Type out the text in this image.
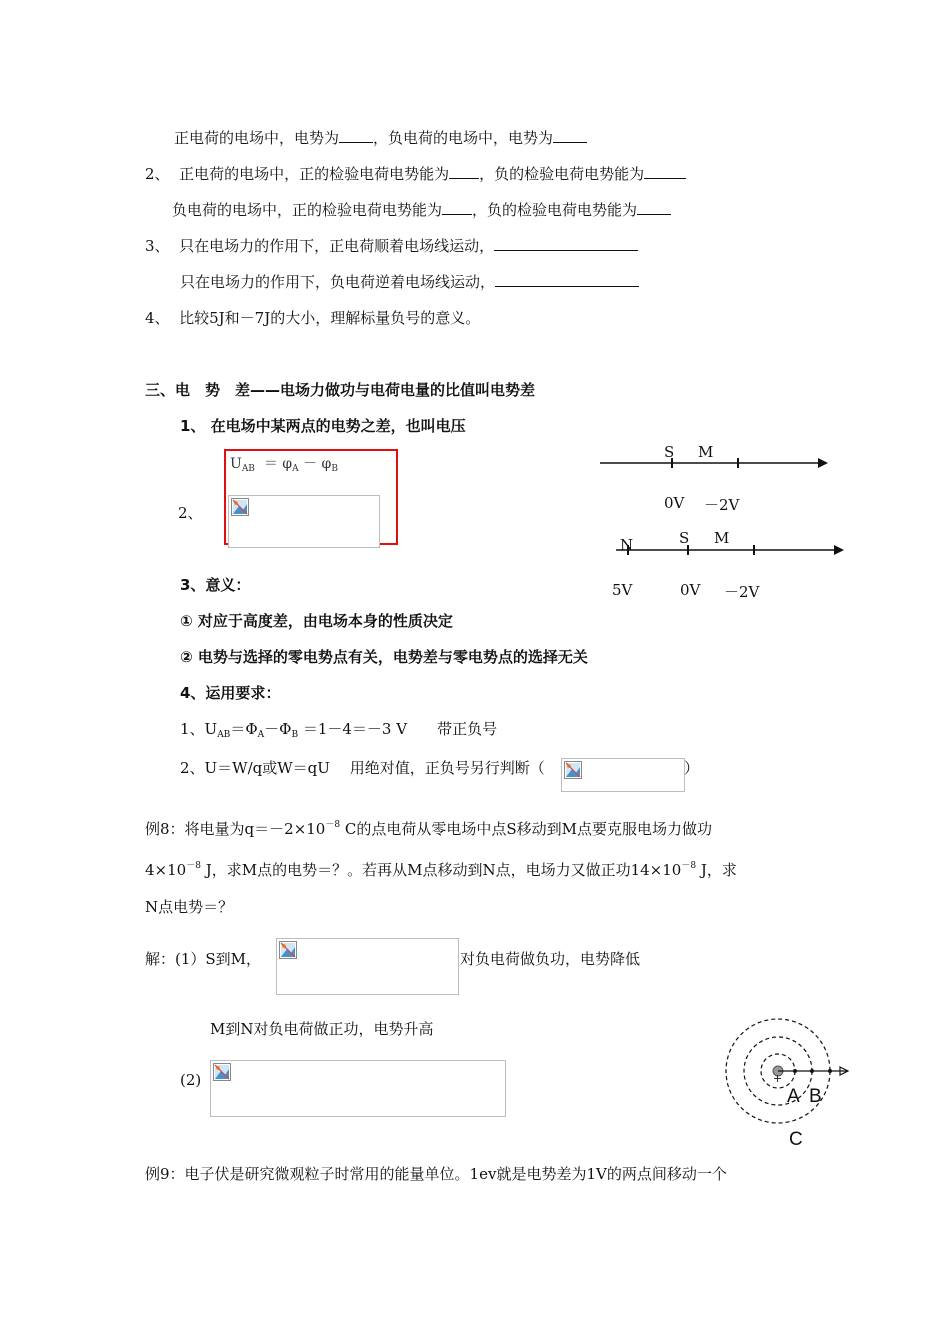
正电荷的电场中，电势为 ，负电荷的电场中，电势为
2、 正电荷的电场中，正的检验电荷电势能为 ，负的检验电荷电势能为
负电荷的电场中，正的检验电荷电势能为 ，负的检验电荷电势能为
3、 只在电场力的作用下，正电荷顺着电场线运动，
只在电场力的作用下，负电荷逆着电场线运动，
4、 比较5J和－7J的大小，理解标量负号的意义。
三、电　势　差——电场力做功与电荷电量的比值叫电势差
1、 在电场中某两点的电势之差，也叫电压
$U_{AB} = \varphi_A - \varphi_B$
2、
3、意义：
① 对应于高度差，由电场本身的性质决定
② 电势与选择的零电势点有关，电势差与零电势点的选择无关
4、运用要求：
1、$U_{AB}=\Phi_A-\Phi_B =1-4=-3$ V　　带正负号
2、U＝W/q或W＝qU　 用绝对值，正负号另行判断（	）
S M
0V －2V
N	S M
5V	0V －2V
例8：将电量为$q=-2\times 10^{-8}$ C的点电荷从零电场中点S移动到M点要克服电场力做功
$4\times 10^{-8}$ J，求M点的电势＝？。若再从M点移动到N点，电场力又做正功$14\times 10^{-8}$ J，求
N点电势＝？
解：(1）S到M，	对负电荷做负功，电势降低
M到N对负电荷做正功，电势升高
(2)	+
A B
C
例9：电子伏是研究微观粒子时常用的能量单位。1ev就是电势差为1V的两点间移动一个
